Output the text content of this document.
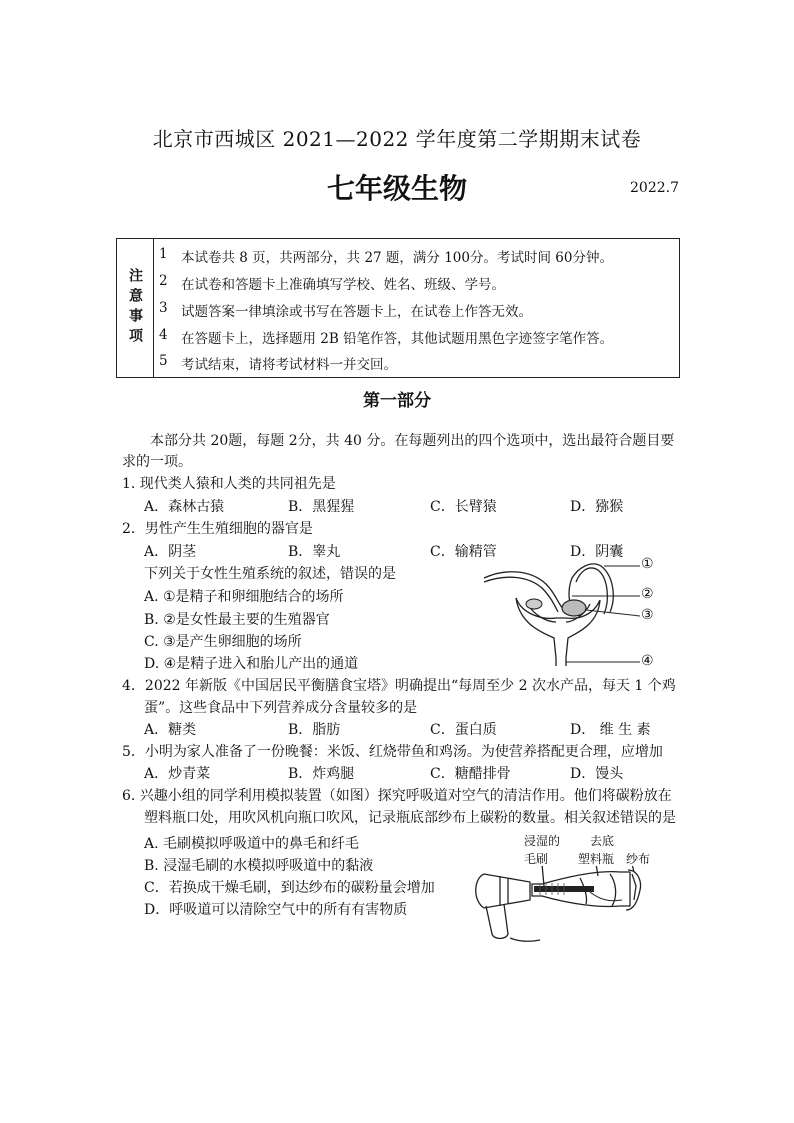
北京市西城区 2021—2022 学年度第二学期期末试卷
七年级生物	2022.7
注意事项
1 本试卷共 8 页，共两部分，共 27 题，满分 100分。考试时间 60分钟。
2 在试卷和答题卡上准确填写学校、姓名、班级、学号。
3 试题答案一律填涂或书写在答题卡上，在试卷上作答无效。
4 在答题卡上，选择题用 2B 铅笔作答，其他试题用黑色字迹签字笔作答。
5 考试结束，请将考试材料一并交回。
第一部分
本部分共 20题，每题 2分，共 40 分。在每题列出的四个选项中，选出最符合题目要
求的一项。
1. 现代类人猿和人类的共同祖先是
A．森林古猿	B．黑猩猩	C．长臂猿	D．猕猴
2．男性产生生殖细胞的器官是
A．阴茎	B．睾丸	C．输精管	D．阴囊
下列关于女性生殖系统的叙述，错误的是
A. ①是精子和卵细胞结合的场所
B. ②是女性最主要的生殖器官
C. ③是产生卵细胞的场所
D. ④是精子进入和胎儿产出的通道
①
②
③
④
4．2022 年新版《中国居民平衡膳食宝塔》明确提出“每周至少 2 次水产品，每天 1 个鸡
蛋”。这些食品中下列营养成分含量较多的是
A．糖类	B．脂肪	C．蛋白质	D． 维 生 素
5．小明为家人准备了一份晚餐：米饭、红烧带鱼和鸡汤。为使营养搭配更合理，应增加
A．炒青菜	B．炸鸡腿	C．糖醋排骨	D．馒头
6. 兴趣小组的同学利用模拟装置（如图）探究呼吸道对空气的清洁作用。他们将碳粉放在
塑料瓶口处，用吹风机向瓶口吹风，记录瓶底部纱布上碳粉的数量。相关叙述错误的是
A. 毛刷模拟呼吸道中的鼻毛和纤毛
B. 浸湿毛刷的水模拟呼吸道中的黏液
C．若换成干燥毛刷，到达纱布的碳粉量会增加
D．呼吸道可以清除空气中的所有有害物质
浸湿的
毛刷
去底
塑料瓶 纱布
